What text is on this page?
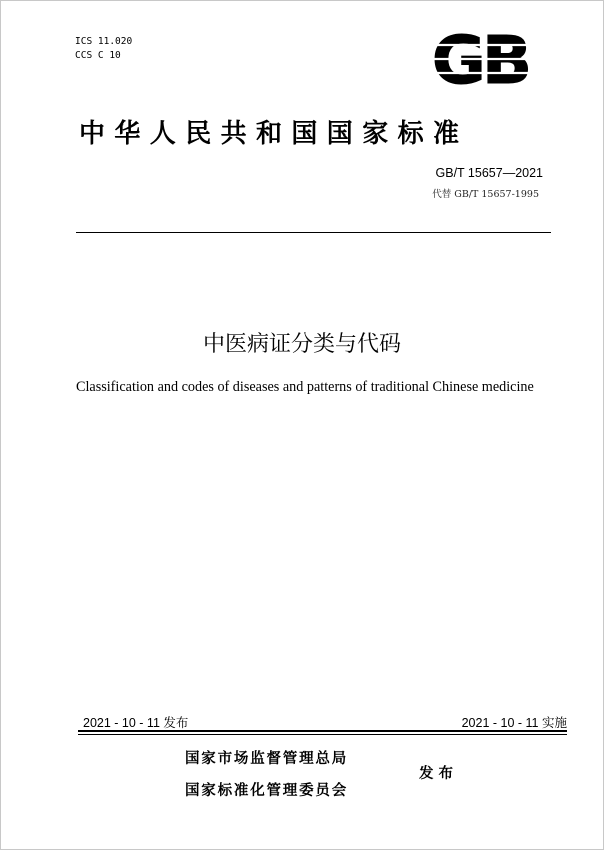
ICS 11.020
CCS C 10	GB
中华人民共和国国家标准
GB/T 15657—2021
代替 GB/T 15657-1995
中医病证分类与代码
Classification and codes of diseases and patterns of traditional Chinese medicine
2021 - 10 - 11 发布	2021 - 10 - 11 实施
国家市场监督管理总局
国家标准化管理委员会
发布
